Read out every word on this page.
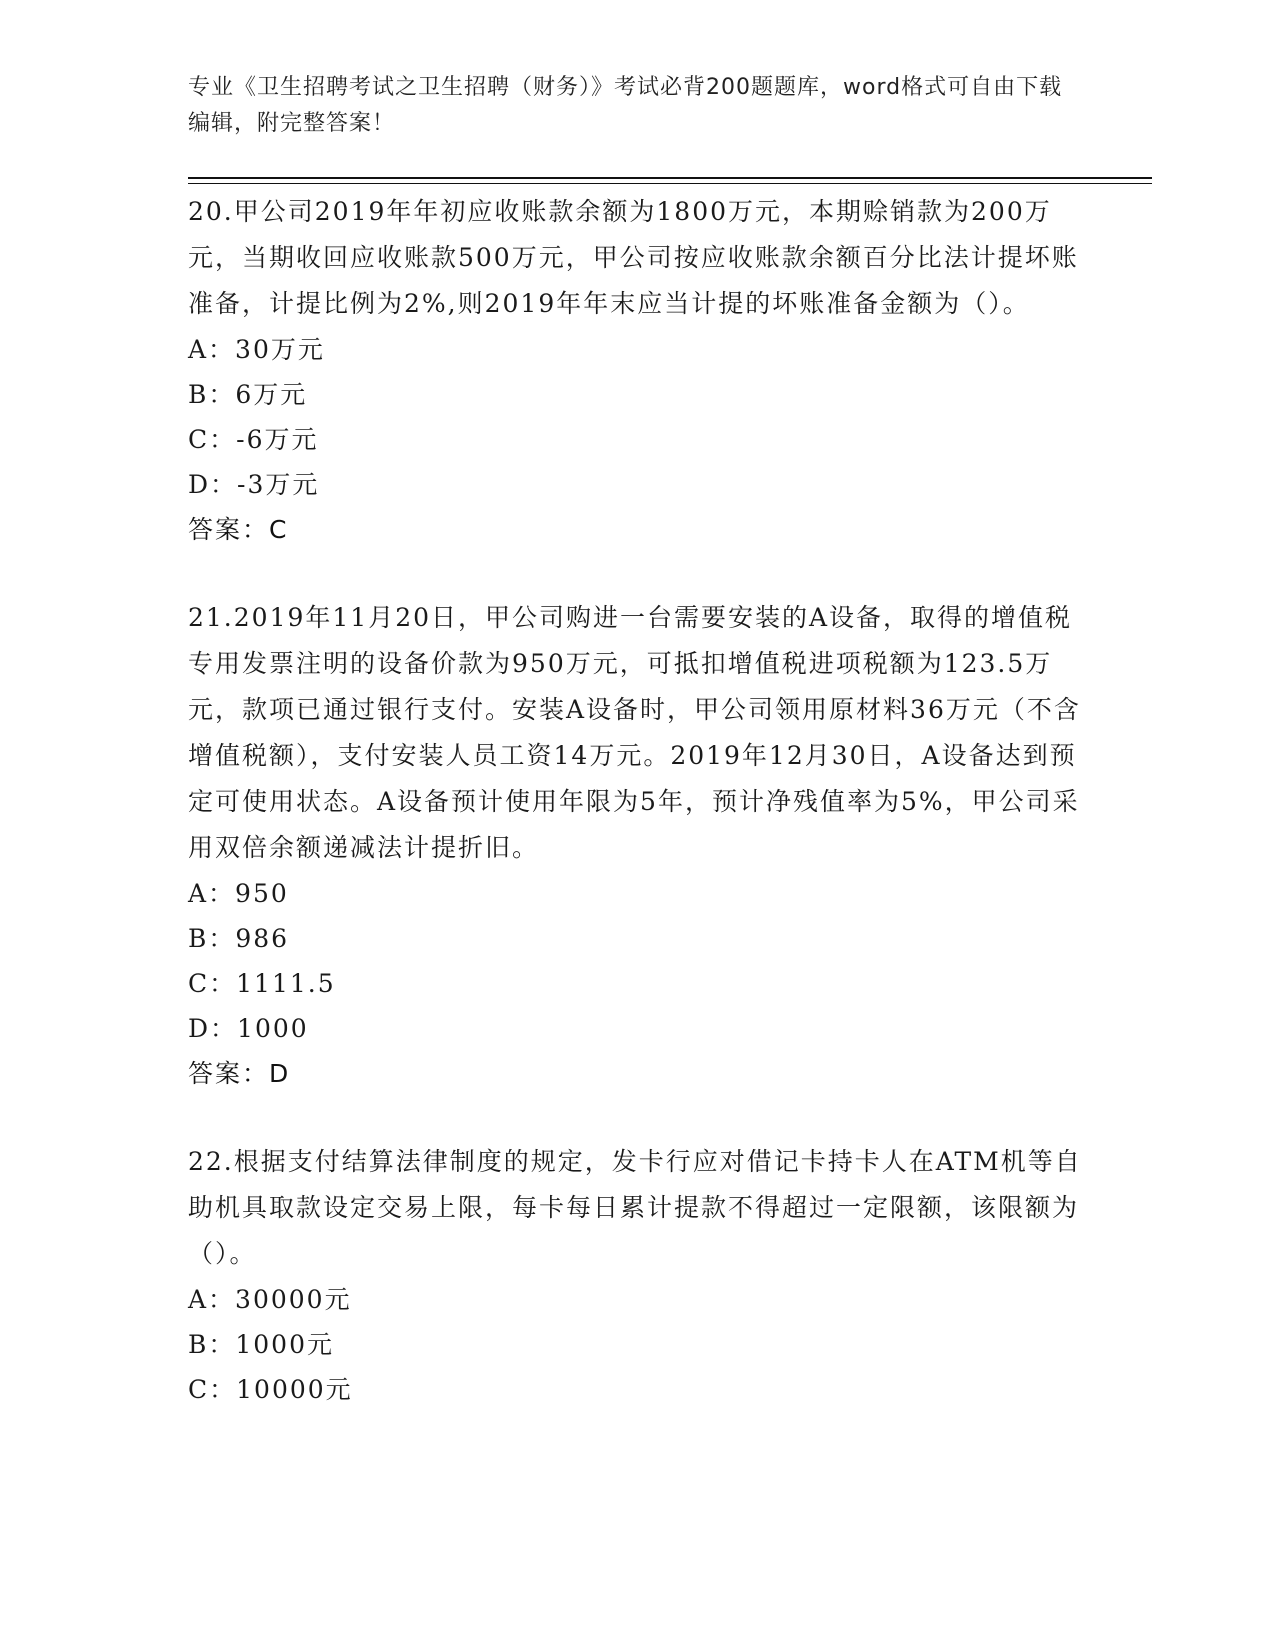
专业《卫生招聘考试之卫生招聘（财务）》考试必背200题题库，word格式可自由下载编辑，附完整答案！

20.甲公司2019年年初应收账款余额为1800万元，本期赊销款为200万元，当期收回应收账款500万元，甲公司按应收账款余额百分比法计提坏账准备，计提比例为2%,则2019年年末应当计提的坏账准备金额为（）。

A：30万元

B：6万元

C：-6万元

D：-3万元

答案：C

21.2019年11月20日，甲公司购进一台需要安装的A设备，取得的增值税专用发票注明的设备价款为950万元，可抵扣增值税进项税额为123.5万元，款项已通过银行支付。安装A设备时，甲公司领用原材料36万元（不含增值税额），支付安装人员工资14万元。2019年12月30日，A设备达到预定可使用状态。A设备预计使用年限为5年，预计净残值率为5%，甲公司采用双倍余额递减法计提折旧。

A：950

B：986

C：1111.5

D：1000

答案：D

22.根据支付结算法律制度的规定，发卡行应对借记卡持卡人在ATM机等自助机具取款设定交易上限，每卡每日累计提款不得超过一定限额，该限额为（）。

A：30000元

B：1000元

C：10000元
